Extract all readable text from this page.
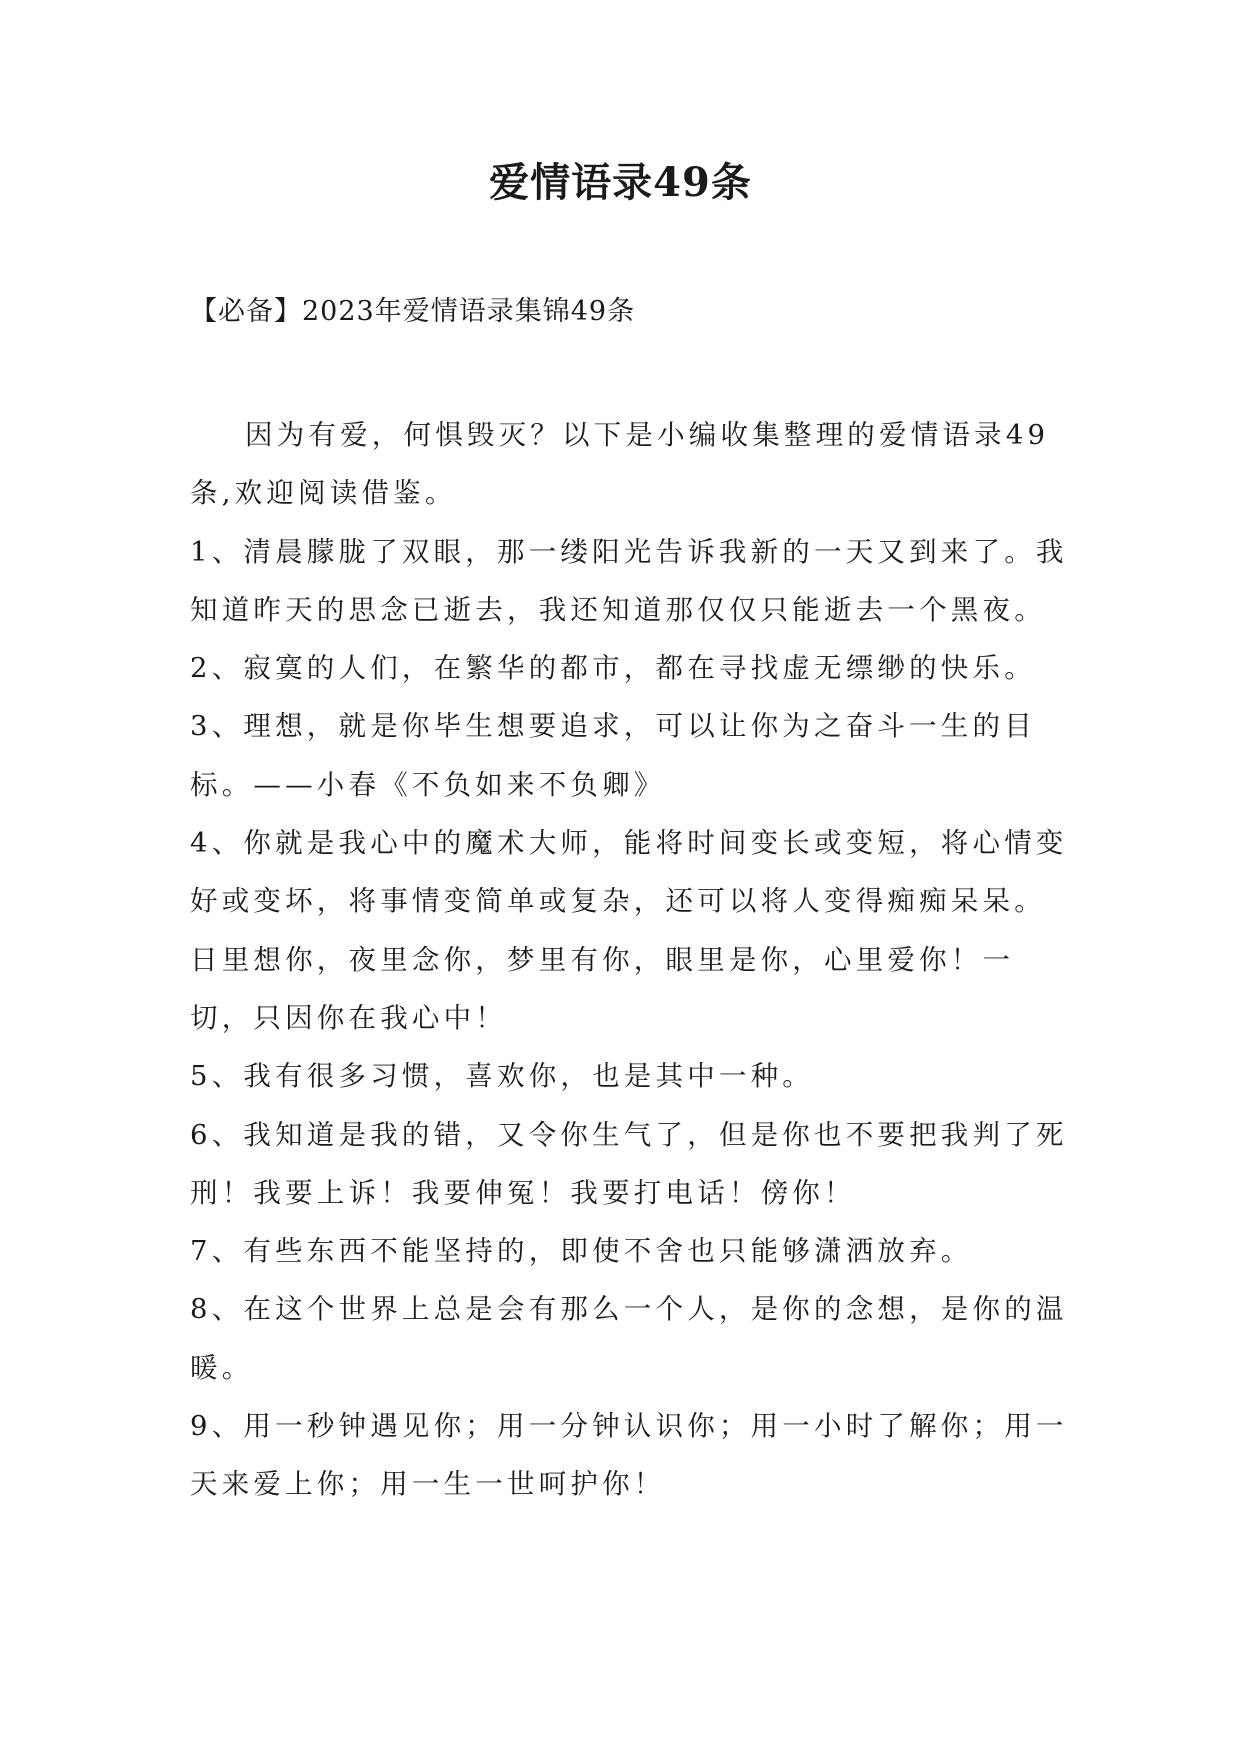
爱情语录49条

【必备】2023年爱情语录集锦49条

因为有爱，何惧毁灭？以下是小编收集整理的爱情语录49条,欢迎阅读借鉴。

1、清晨朦胧了双眼，那一缕阳光告诉我新的一天又到来了。我知道昨天的思念已逝去，我还知道那仅仅只能逝去一个黑夜。

2、寂寞的人们，在繁华的都市，都在寻找虚无缥缈的快乐。

3、理想，就是你毕生想要追求，可以让你为之奋斗一生的目标。——小春《不负如来不负卿》

4、你就是我心中的魔术大师，能将时间变长或变短，将心情变好或变坏，将事情变简单或复杂，还可以将人变得痴痴呆呆。日里想你，夜里念你，梦里有你，眼里是你，心里爱你！一切，只因你在我心中！

5、我有很多习惯，喜欢你，也是其中一种。

6、我知道是我的错，又令你生气了，但是你也不要把我判了死刑！我要上诉！我要伸冤！我要打电话！傍你！

7、有些东西不能坚持的，即使不舍也只能够潇洒放弃。

8、在这个世界上总是会有那么一个人，是你的念想，是你的温暖。

9、用一秒钟遇见你；用一分钟认识你；用一小时了解你；用一天来爱上你；用一生一世呵护你！
